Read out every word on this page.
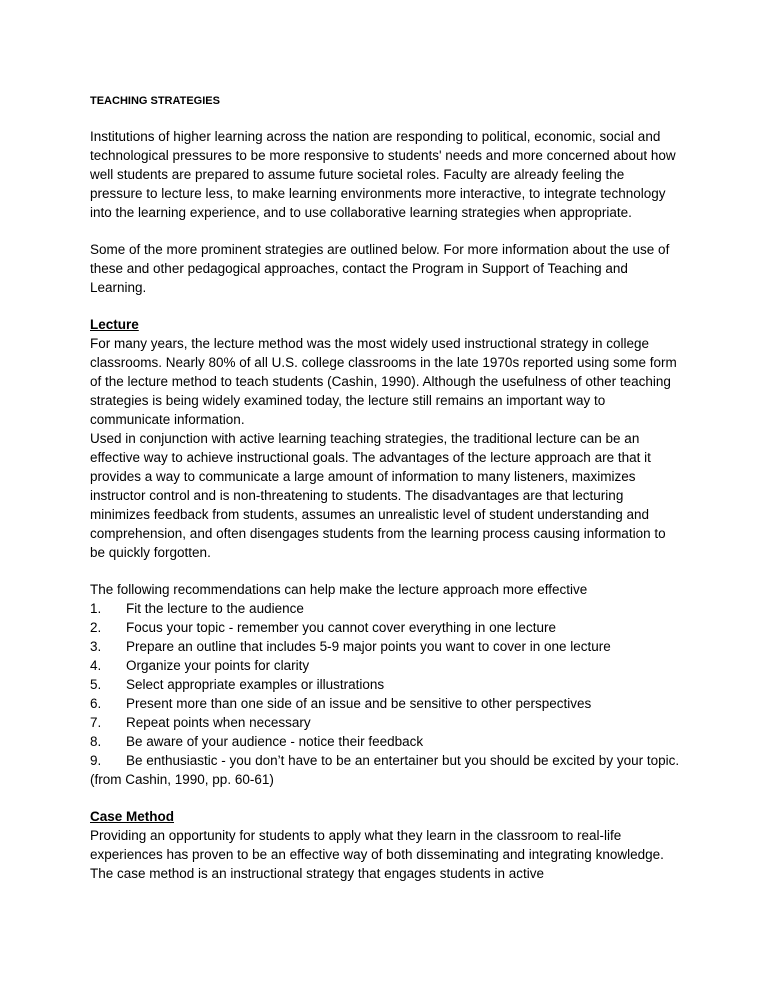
TEACHING STRATEGIES

Institutions of higher learning across the nation are responding to political, economic, social and technological pressures to be more responsive to students' needs and more concerned about how well students are prepared to assume future societal roles. Faculty are already feeling the pressure to lecture less, to make learning environments more interactive, to integrate technology into the learning experience, and to use collaborative learning strategies when appropriate.

Some of the more prominent strategies are outlined below. For more information about the use of these and other pedagogical approaches, contact the Program in Support of Teaching and Learning.

Lecture

For many years, the lecture method was the most widely used instructional strategy in college classrooms. Nearly 80% of all U.S. college classrooms in the late 1970s reported using some form of the lecture method to teach students (Cashin, 1990). Although the usefulness of other teaching strategies is being widely examined today, the lecture still remains an important way to communicate information.

Used in conjunction with active learning teaching strategies, the traditional lecture can be an effective way to achieve instructional goals. The advantages of the lecture approach are that it provides a way to communicate a large amount of information to many listeners, maximizes instructor control and is non-threatening to students. The disadvantages are that lecturing minimizes feedback from students, assumes an unrealistic level of student understanding and comprehension, and often disengages students from the learning process causing information to be quickly forgotten.

The following recommendations can help make the lecture approach more effective

1. Fit the lecture to the audience
2. Focus your topic - remember you cannot cover everything in one lecture
3. Prepare an outline that includes 5-9 major points you want to cover in one lecture
4. Organize your points for clarity
5. Select appropriate examples or illustrations
6. Present more than one side of an issue and be sensitive to other perspectives
7. Repeat points when necessary
8. Be aware of your audience - notice their feedback
9. Be enthusiastic - you don’t have to be an entertainer but you should be excited by your topic.

(from Cashin, 1990, pp. 60-61)

Case Method

Providing an opportunity for students to apply what they learn in the classroom to real-life experiences has proven to be an effective way of both disseminating and integrating knowledge. The case method is an instructional strategy that engages students in active
